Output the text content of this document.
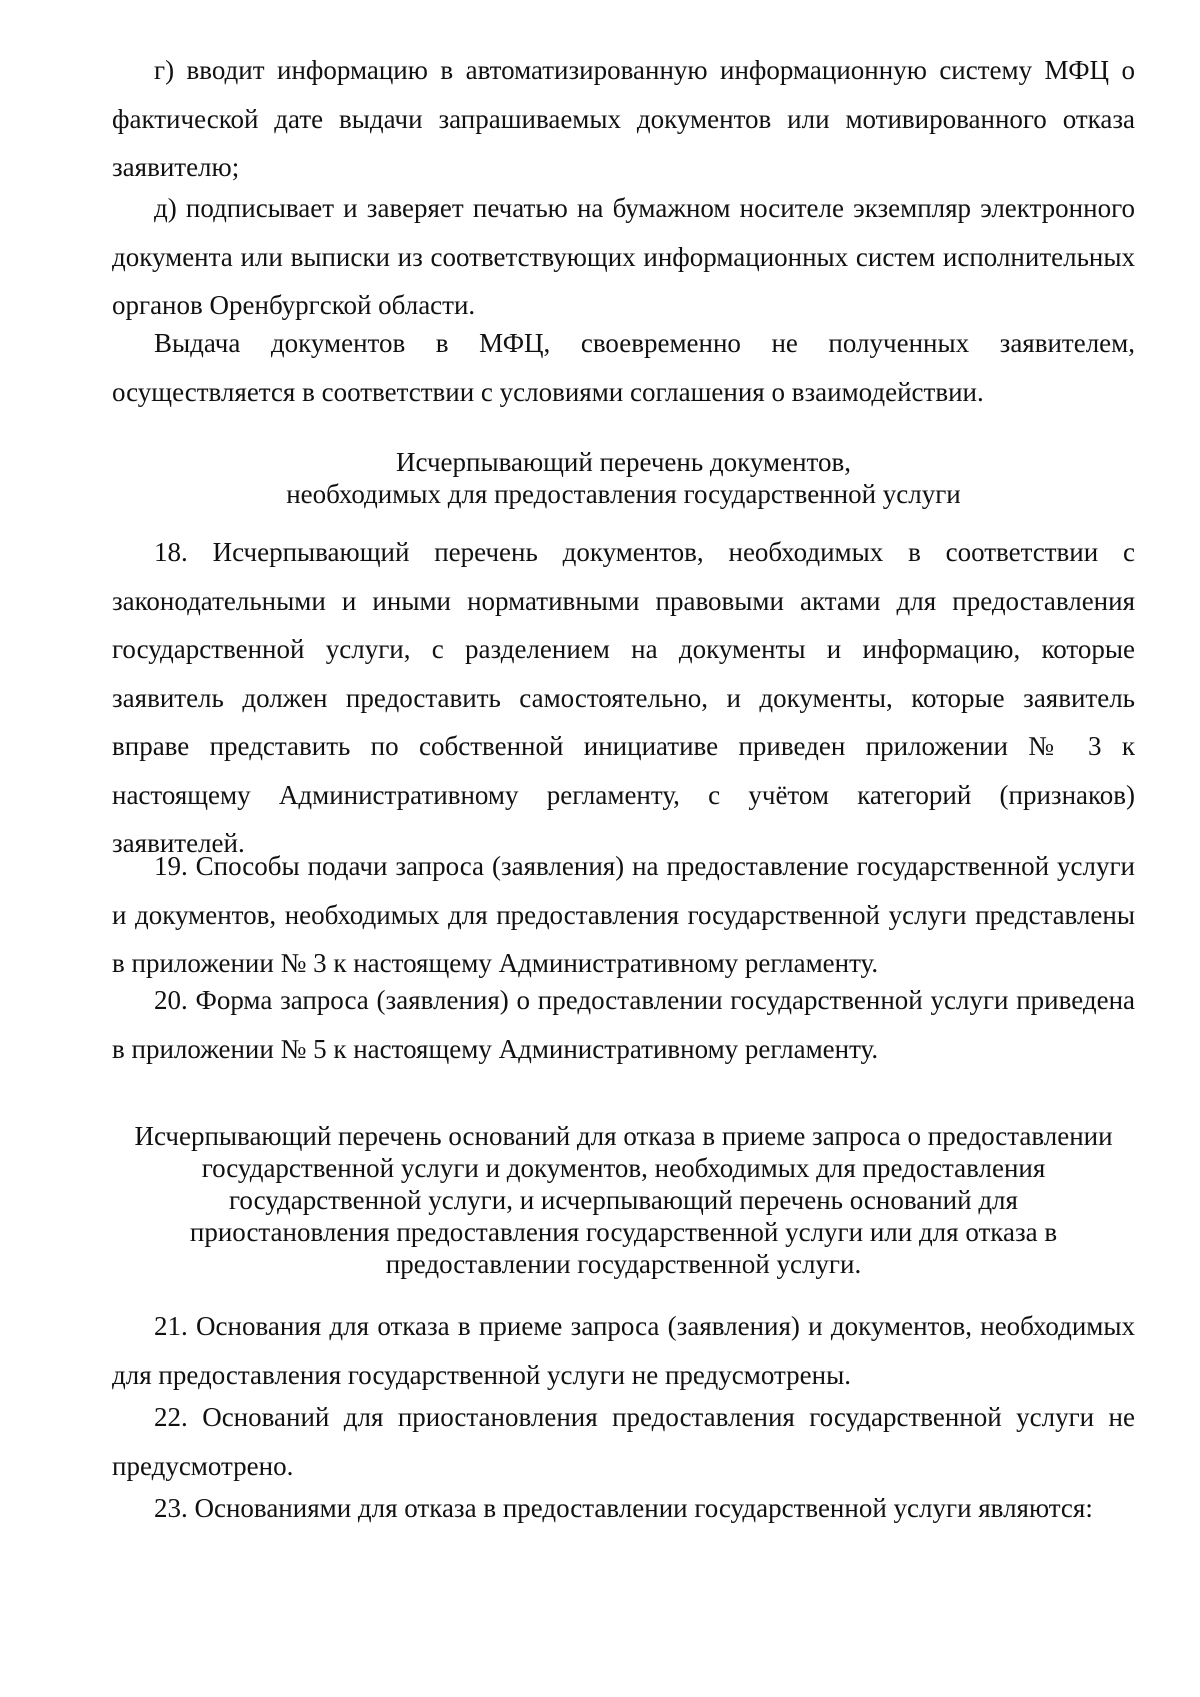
г) вводит информацию в автоматизированную информационную систему МФЦ о фактической дате выдачи запрашиваемых документов или мотивированного отказа заявителю;

д) подписывает и заверяет печатью на бумажном носителе экземпляр электронного документа или выписки из соответствующих информационных систем исполнительных органов Оренбургской области.

Выдача документов в МФЦ, своевременно не полученных заявителем, осуществляется в соответствии с условиями соглашения о взаимодействии.

Исчерпывающий перечень документов,
необходимых для предоставления государственной услуги

18. Исчерпывающий перечень документов, необходимых в соответствии с законодательными и иными нормативными правовыми актами для предоставления государственной услуги, с разделением на документы и информацию, которые заявитель должен предоставить самостоятельно, и документы, которые заявитель вправе представить по собственной инициативе приведен приложении № 3 к настоящему Административному регламенту, с учётом категорий (признаков) заявителей.

19. Способы подачи запроса (заявления) на предоставление государственной услуги и документов, необходимых для предоставления государственной услуги представлены в приложении № 3 к настоящему Административному регламенту.

20. Форма запроса (заявления) о предоставлении государственной услуги приведена в приложении № 5 к настоящему Административному регламенту.

Исчерпывающий перечень оснований для отказа в приеме запроса о предоставлении
государственной услуги и документов, необходимых для предоставления
государственной услуги, и исчерпывающий перечень оснований для
приостановления предоставления государственной услуги или для отказа в
предоставлении государственной услуги.

21. Основания для отказа в приеме запроса (заявления) и документов, необходимых для предоставления государственной услуги не предусмотрены.

22. Оснований для приостановления предоставления государственной услуги не предусмотрено.

23. Основаниями для отказа в предоставлении государственной услуги являются:
